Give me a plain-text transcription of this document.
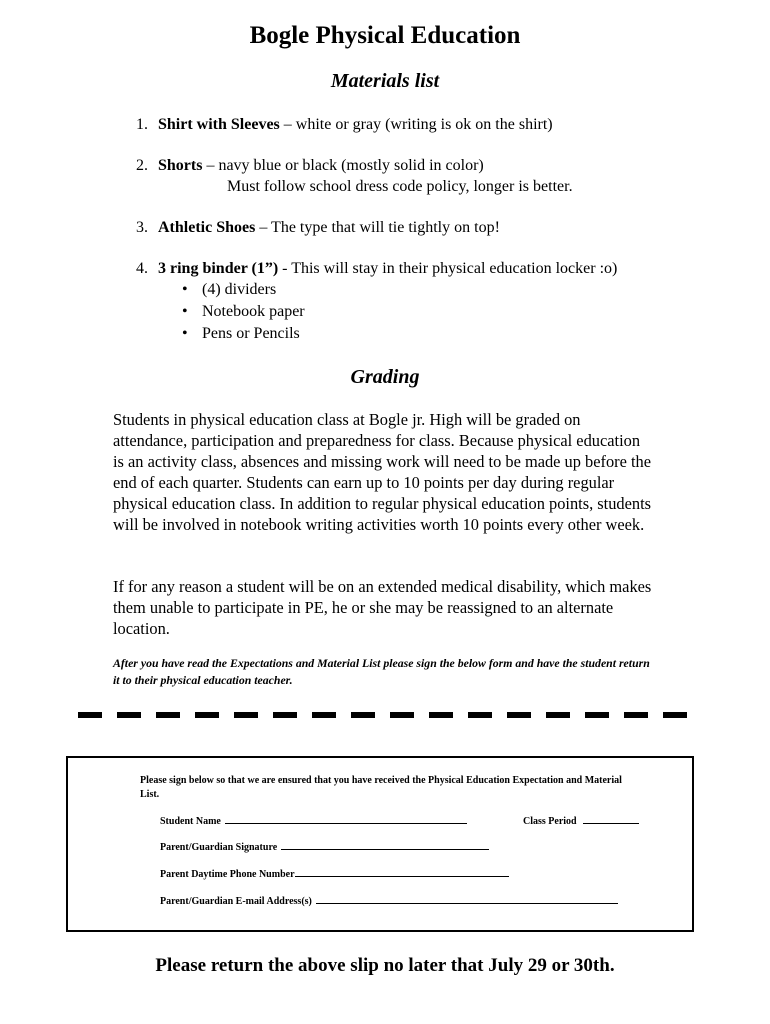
Bogle Physical Education
Materials list
1. Shirt with Sleeves – white or gray (writing is ok on the shirt)
2. Shorts – navy blue or black (mostly solid in color)
Must follow school dress code policy, longer is better.
3. Athletic Shoes – The type that will tie tightly on top!
4. 3 ring binder (1”) - This will stay in their physical education locker :o)
• (4) dividers
• Notebook paper
• Pens or Pencils
Grading
Students in physical education class at Bogle jr. High will be graded on attendance, participation and preparedness for class. Because physical education is an activity class, absences and missing work will need to be made up before the end of each quarter. Students can earn up to 10 points per day during regular physical education class. In addition to regular physical education points, students will be involved in notebook writing activities worth 10 points every other week.
If for any reason a student will be on an extended medical disability, which makes them unable to participate in PE, he or she may be reassigned to an alternate location.
After you have read the Expectations and Material List please sign the below form and have the student return it to their physical education teacher.
Please sign below so that we are ensured that you have received the Physical Education Expectation and Material List.
Student Name	Class Period
Parent/Guardian Signature
Parent Daytime Phone Number
Parent/Guardian E-mail Address(s)
Please return the above slip no later that July 29 or 30th.
